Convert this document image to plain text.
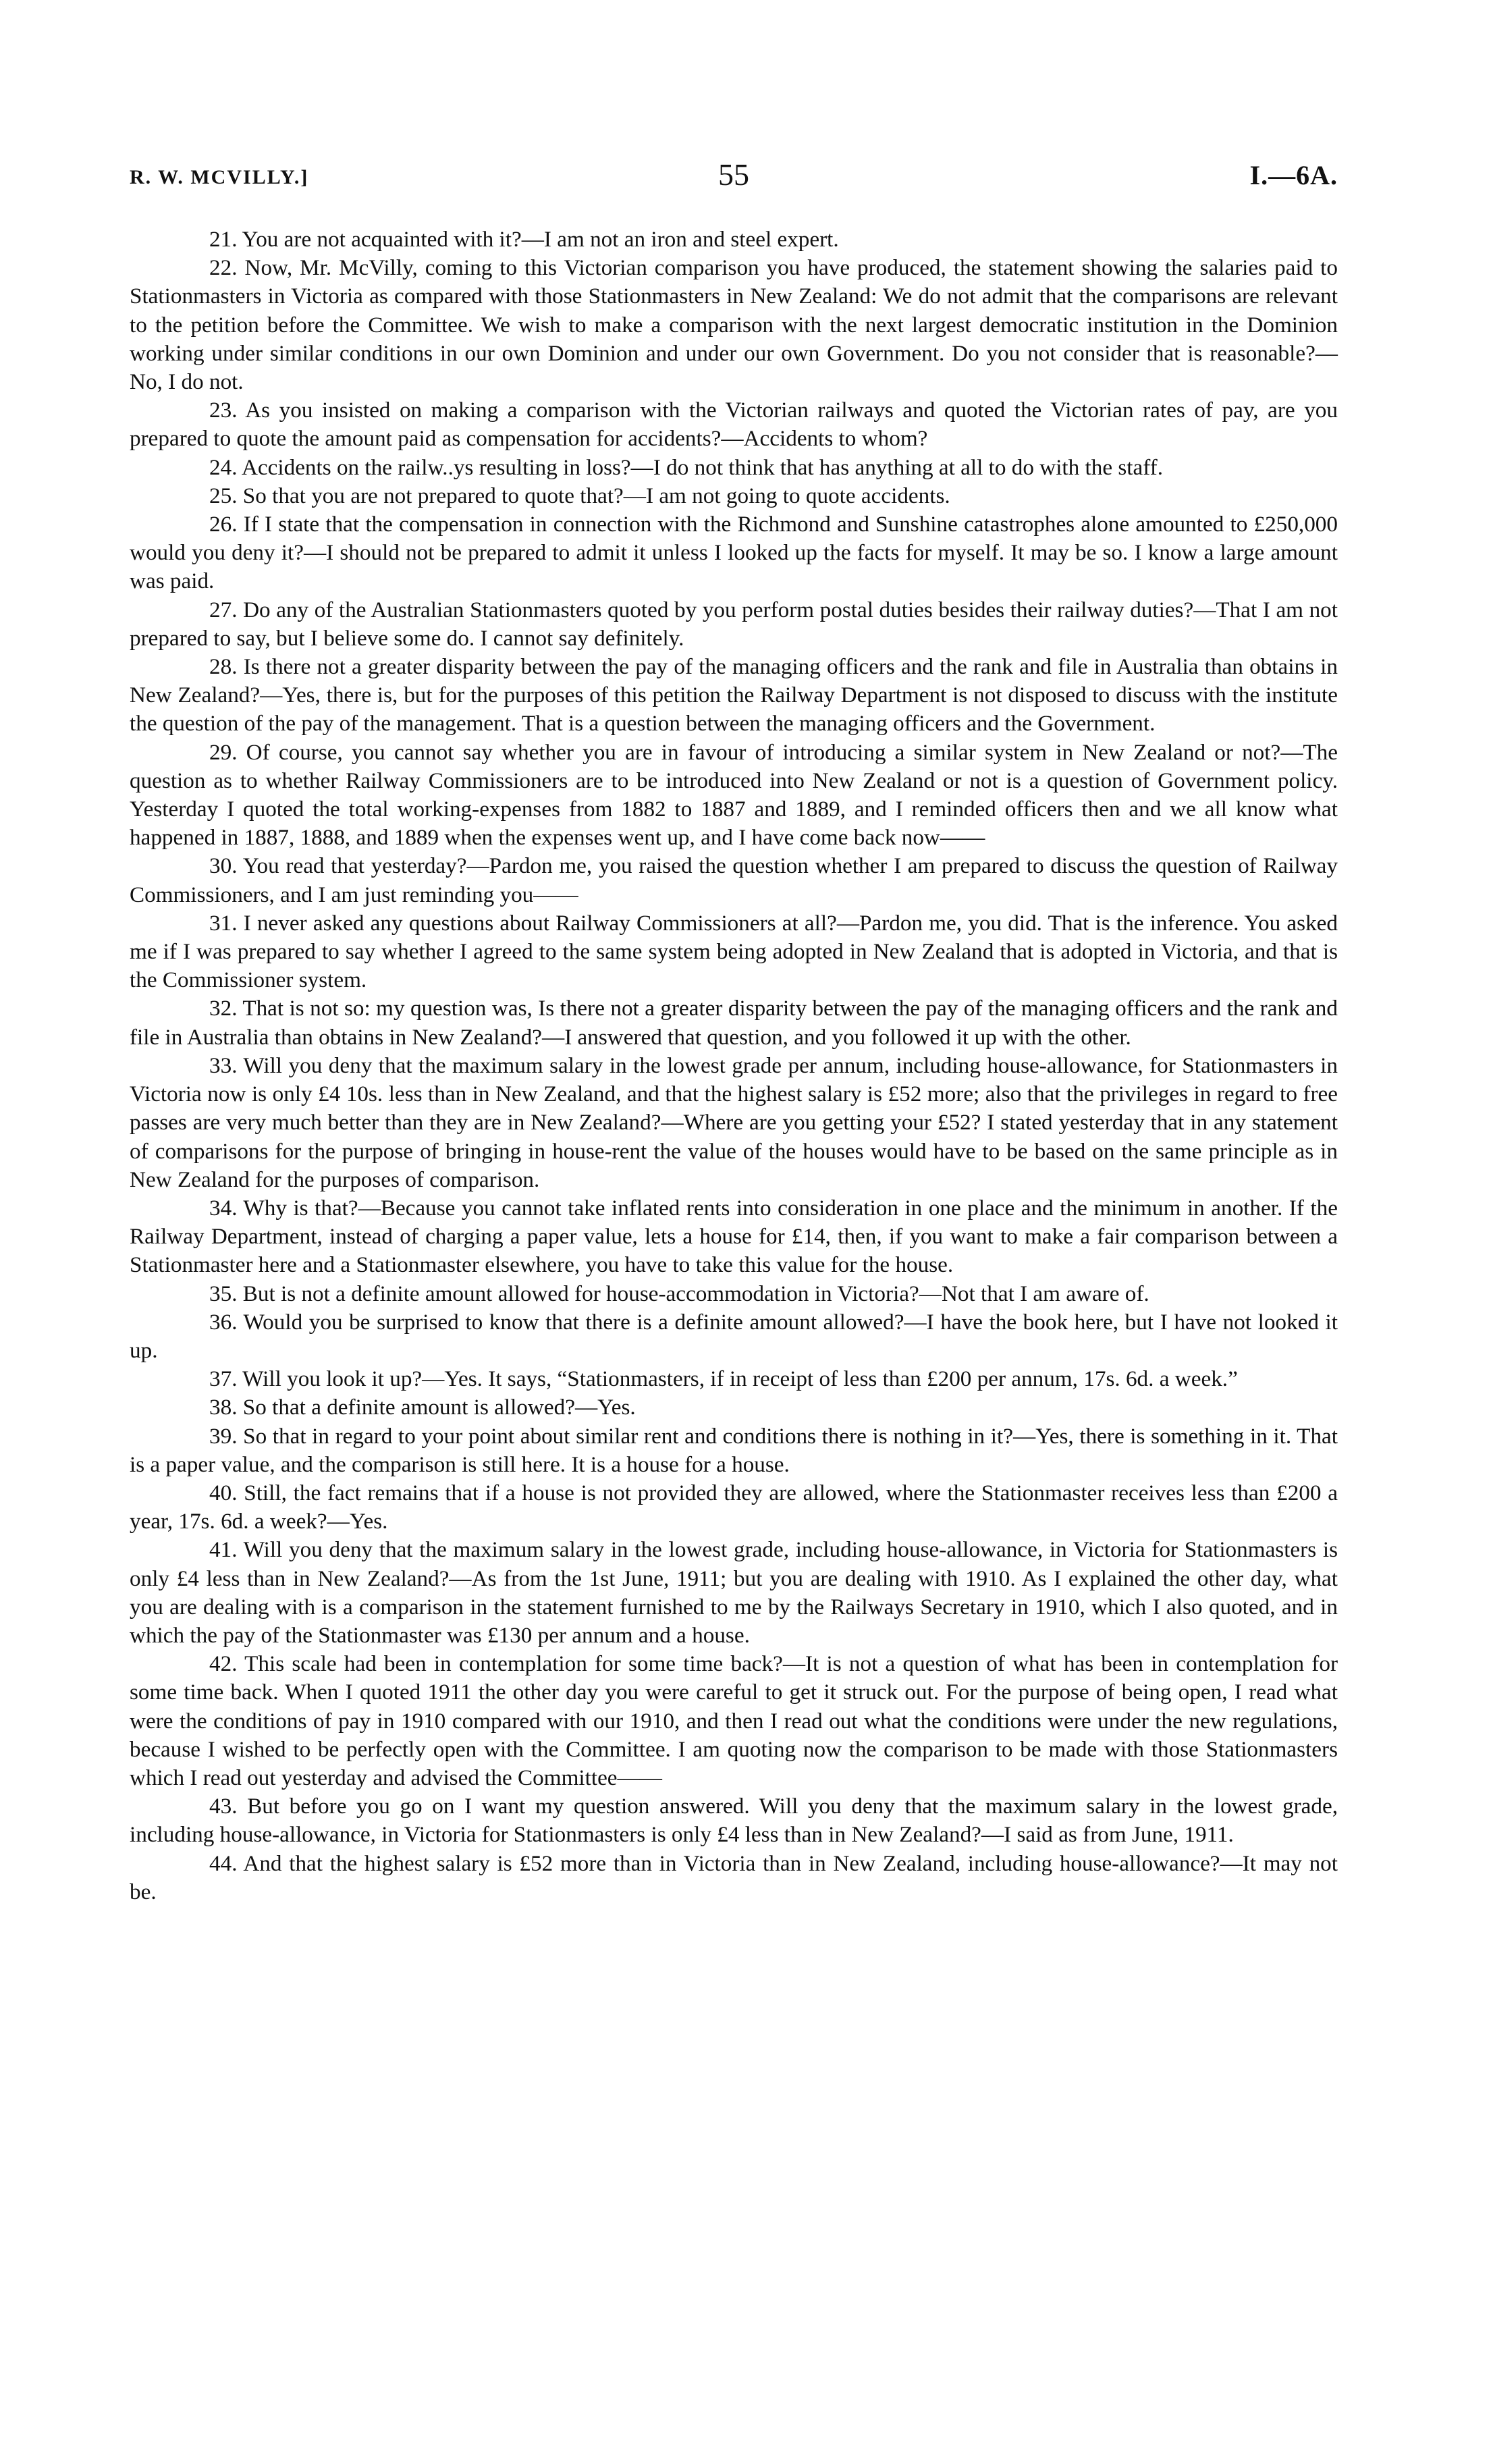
R. W. MCVILLY.]	55	I.—6A.

21. You are not acquainted with it?—I am not an iron and steel expert.

22. Now, Mr. McVilly, coming to this Victorian comparison you have produced, the statement showing the salaries paid to Stationmasters in Victoria as compared with those Stationmasters in New Zealand: We do not admit that the comparisons are relevant to the petition before the Committee. We wish to make a comparison with the next largest democratic institution in the Dominion working under similar conditions in our own Dominion and under our own Government. Do you not consider that is reasonable?—No, I do not.

23. As you insisted on making a comparison with the Victorian railways and quoted the Victorian rates of pay, are you prepared to quote the amount paid as compensation for accidents?—Accidents to whom?

24. Accidents on the railw..ys resulting in loss?—I do not think that has anything at all to do with the staff.

25. So that you are not prepared to quote that?—I am not going to quote accidents.

26. If I state that the compensation in connection with the Richmond and Sunshine catastrophes alone amounted to £250,000 would you deny it?—I should not be prepared to admit it unless I looked up the facts for myself. It may be so. I know a large amount was paid.

27. Do any of the Australian Stationmasters quoted by you perform postal duties besides their railway duties?—That I am not prepared to say, but I believe some do. I cannot say definitely.

28. Is there not a greater disparity between the pay of the managing officers and the rank and file in Australia than obtains in New Zealand?—Yes, there is, but for the purposes of this petition the Railway Department is not disposed to discuss with the institute the question of the pay of the management. That is a question between the managing officers and the Government.

29. Of course, you cannot say whether you are in favour of introducing a similar system in New Zealand or not?—The question as to whether Railway Commissioners are to be introduced into New Zealand or not is a question of Government policy. Yesterday I quoted the total working-expenses from 1882 to 1887 and 1889, and I reminded officers then and we all know what happened in 1887, 1888, and 1889 when the expenses went up, and I have come back now——

30. You read that yesterday?—Pardon me, you raised the question whether I am prepared to discuss the question of Railway Commissioners, and I am just reminding you——

31. I never asked any questions about Railway Commissioners at all?—Pardon me, you did. That is the inference. You asked me if I was prepared to say whether I agreed to the same system being adopted in New Zealand that is adopted in Victoria, and that is the Commissioner system.

32. That is not so: my question was, Is there not a greater disparity between the pay of the managing officers and the rank and file in Australia than obtains in New Zealand?—I answered that question, and you followed it up with the other.

33. Will you deny that the maximum salary in the lowest grade per annum, including house-allowance, for Stationmasters in Victoria now is only £4 10s. less than in New Zealand, and that the highest salary is £52 more; also that the privileges in regard to free passes are very much better than they are in New Zealand?—Where are you getting your £52? I stated yesterday that in any statement of comparisons for the purpose of bringing in house-rent the value of the houses would have to be based on the same principle as in New Zealand for the purposes of comparison.

34. Why is that?—Because you cannot take inflated rents into consideration in one place and the minimum in another. If the Railway Department, instead of charging a paper value, lets a house for £14, then, if you want to make a fair comparison between a Stationmaster here and a Stationmaster elsewhere, you have to take this value for the house.

35. But is not a definite amount allowed for house-accommodation in Victoria?—Not that I am aware of.

36. Would you be surprised to know that there is a definite amount allowed?—I have the book here, but I have not looked it up.

37. Will you look it up?—Yes. It says, “Stationmasters, if in receipt of less than £200 per annum, 17s. 6d. a week.”

38. So that a definite amount is allowed?—Yes.

39. So that in regard to your point about similar rent and conditions there is nothing in it?—Yes, there is something in it. That is a paper value, and the comparison is still here. It is a house for a house.

40. Still, the fact remains that if a house is not provided they are allowed, where the Stationmaster receives less than £200 a year, 17s. 6d. a week?—Yes.

41. Will you deny that the maximum salary in the lowest grade, including house-allowance, in Victoria for Stationmasters is only £4 less than in New Zealand?—As from the 1st June, 1911; but you are dealing with 1910. As I explained the other day, what you are dealing with is a comparison in the statement furnished to me by the Railways Secretary in 1910, which I also quoted, and in which the pay of the Stationmaster was £130 per annum and a house.

42. This scale had been in contemplation for some time back?—It is not a question of what has been in contemplation for some time back. When I quoted 1911 the other day you were careful to get it struck out. For the purpose of being open, I read what were the conditions of pay in 1910 compared with our 1910, and then I read out what the conditions were under the new regulations, because I wished to be perfectly open with the Committee. I am quoting now the comparison to be made with those Stationmasters which I read out yesterday and advised the Committee——

43. But before you go on I want my question answered. Will you deny that the maximum salary in the lowest grade, including house-allowance, in Victoria for Stationmasters is only £4 less than in New Zealand?—I said as from June, 1911.

44. And that the highest salary is £52 more than in Victoria than in New Zealand, including house-allowance?—It may not be.
